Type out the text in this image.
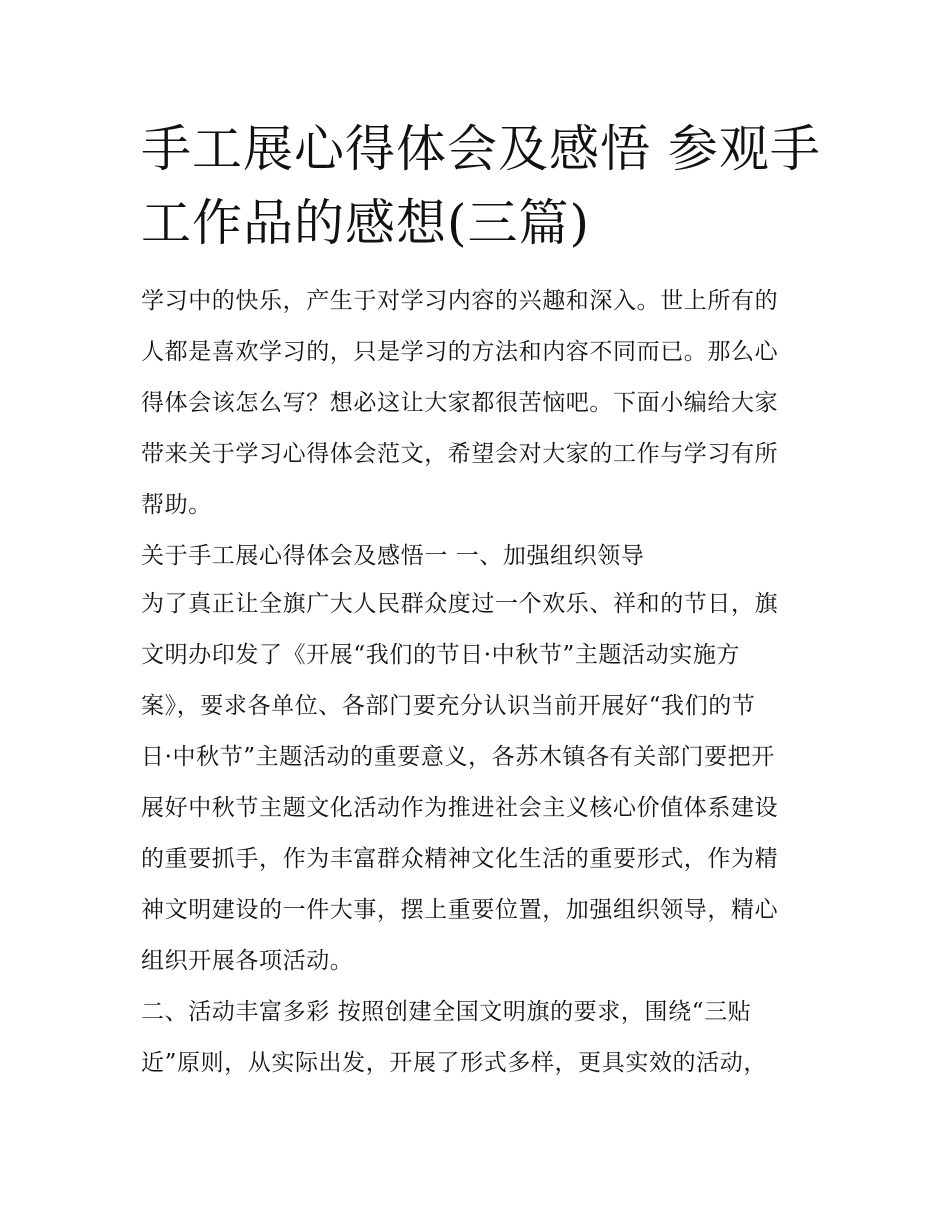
手工展心得体会及感悟 参观手
工作品的感想(三篇)
学习中的快乐，产生于对学习内容的兴趣和深入。世上所有的
人都是喜欢学习的，只是学习的方法和内容不同而已。那么心
得体会该怎么写？想必这让大家都很苦恼吧。下面小编给大家
带来关于学习心得体会范文，希望会对大家的工作与学习有所
帮助。
关于手工展心得体会及感悟一 一、加强组织领导
为了真正让全旗广大人民群众度过一个欢乐、祥和的节日，旗
文明办印发了《开展“我们的节日·中秋节”主题活动实施方
案》，要求各单位、各部门要充分认识当前开展好“我们的节
日·中秋节”主题活动的重要意义，各苏木镇各有关部门要把开
展好中秋节主题文化活动作为推进社会主义核心价值体系建设
的重要抓手，作为丰富群众精神文化生活的重要形式，作为精
神文明建设的一件大事，摆上重要位置，加强组织领导，精心
组织开展各项活动。
二、活动丰富多彩 按照创建全国文明旗的要求，围绕“三贴
近”原则，从实际出发，开展了形式多样，更具实效的活动，
